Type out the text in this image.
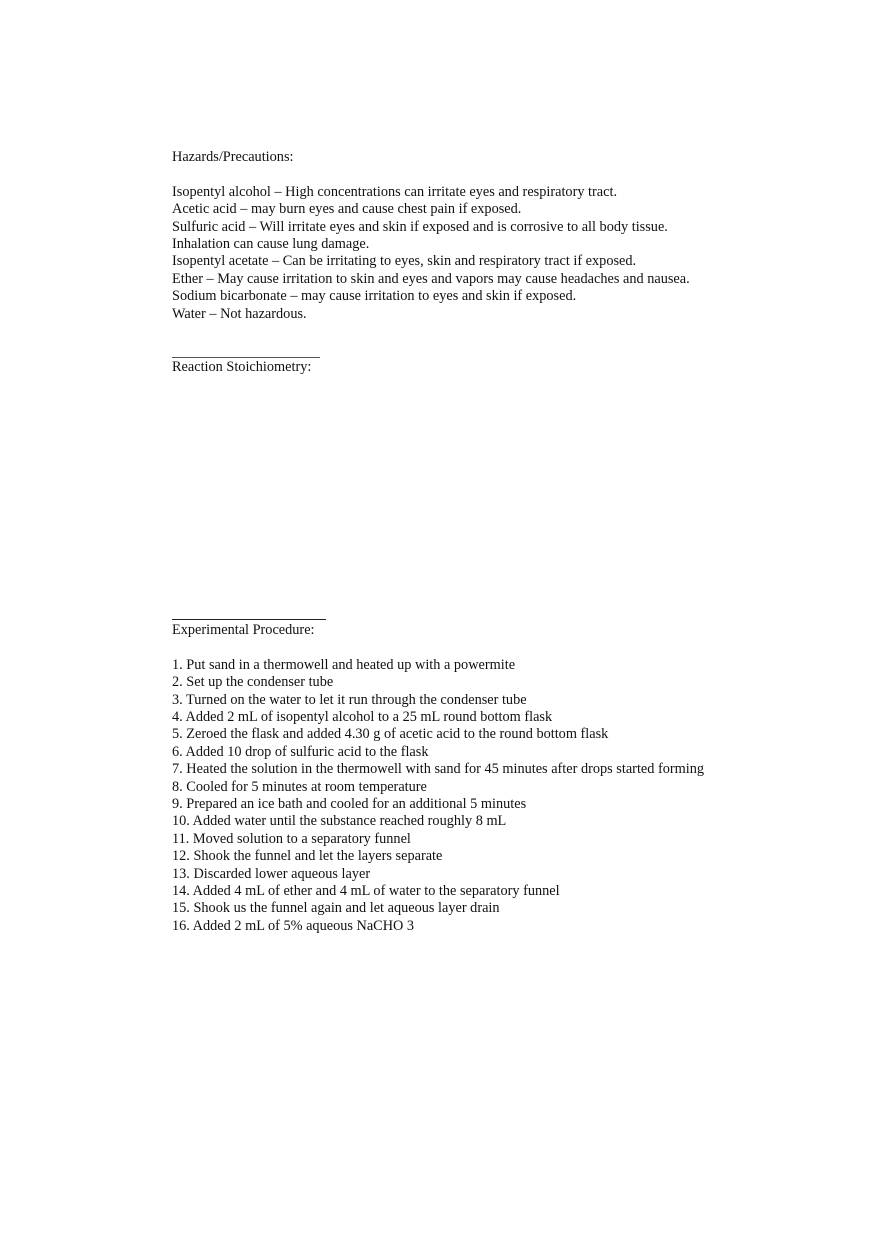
Hazards/Precautions:
Isopentyl alcohol – High concentrations can irritate eyes and respiratory tract.
Acetic acid – may burn eyes and cause chest pain if exposed.
Sulfuric acid – Will irritate eyes and skin if exposed and is corrosive to all body tissue. Inhalation can cause lung damage.
Isopentyl acetate – Can be irritating to eyes, skin and respiratory tract if exposed.
Ether – May cause irritation to skin and eyes and vapors may cause headaches and nausea.
Sodium bicarbonate – may cause irritation to eyes and skin if exposed.
Water – Not hazardous.
Reaction Stoichiometry:
Experimental Procedure:
1. Put sand in a thermowell and heated up with a powermite
2. Set up the condenser tube
3. Turned on the water to let it run through the condenser tube
4. Added 2 mL of isopentyl alcohol to a 25 mL round bottom flask
5. Zeroed the flask and added 4.30 g of acetic acid to the round bottom flask
6. Added 10 drop of sulfuric acid to the flask
7. Heated the solution in the thermowell with sand for 45 minutes after drops started forming
8. Cooled for 5 minutes at room temperature
9. Prepared an ice bath and cooled for an additional 5 minutes
10. Added water until the substance reached roughly 8 mL
11. Moved solution to a separatory funnel
12. Shook the funnel and let the layers separate
13. Discarded lower aqueous layer
14. Added 4 mL of ether and 4 mL of water to the separatory funnel
15. Shook us the funnel again and let aqueous layer drain
16. Added 2 mL of 5% aqueous NaCHO 3
